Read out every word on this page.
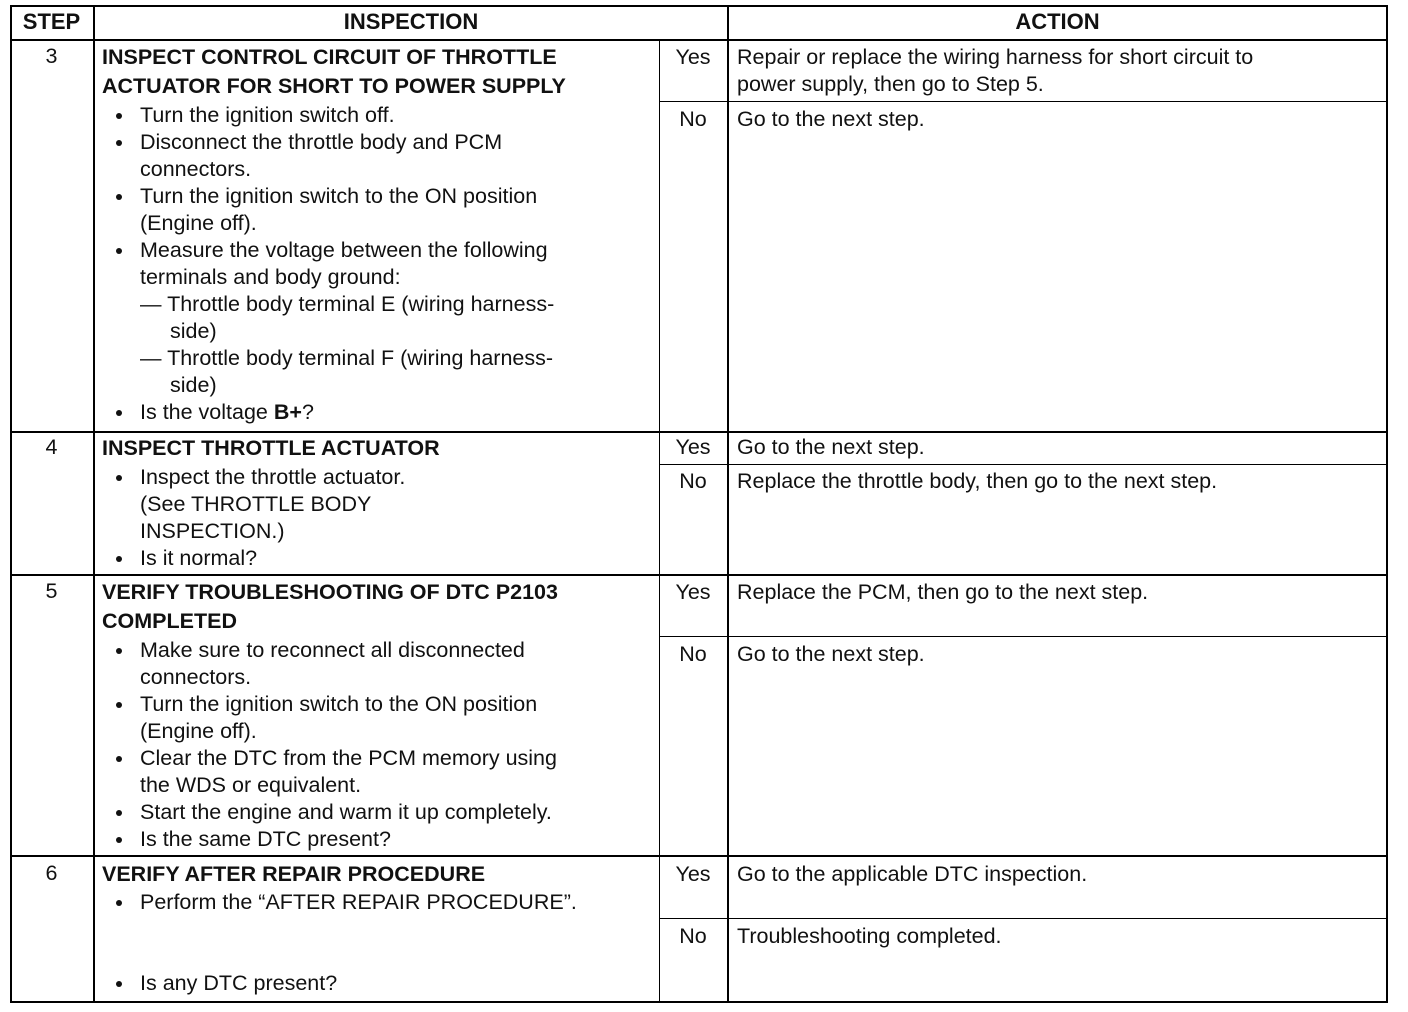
STEP	INSPECTION	ACTION
3	INSPECT CONTROL CIRCUIT OF THROTTLE
ACTUATOR FOR SHORT TO POWER SUPPLY
Turn the ignition switch off.
Disconnect the throttle body and PCM
connectors.
Turn the ignition switch to the ON position
(Engine off).
Measure the voltage between the following
terminals and body ground:
— Throttle body terminal E (wiring harness-
side)
— Throttle body terminal F (wiring harness-
side)
Is the voltage B+?
Yes	Repair or replace the wiring harness for short circuit to
power supply, then go to Step 5.
No	Go to the next step.
4	INSPECT THROTTLE ACTUATOR
Inspect the throttle actuator.
(See THROTTLE BODY
INSPECTION.)
Is it normal?
Yes	Go to the next step.
No	Replace the throttle body, then go to the next step.
5	VERIFY TROUBLESHOOTING OF DTC P2103
COMPLETED
Make sure to reconnect all disconnected
connectors.
Turn the ignition switch to the ON position
(Engine off).
Clear the DTC from the PCM memory using
the WDS or equivalent.
Start the engine and warm it up completely.
Is the same DTC present?
Yes	Replace the PCM, then go to the next step.
No	Go to the next step.
6	VERIFY AFTER REPAIR PROCEDURE
Perform the “AFTER REPAIR PROCEDURE”.
Is any DTC present?
Yes	Go to the applicable DTC inspection.
No	Troubleshooting completed.
